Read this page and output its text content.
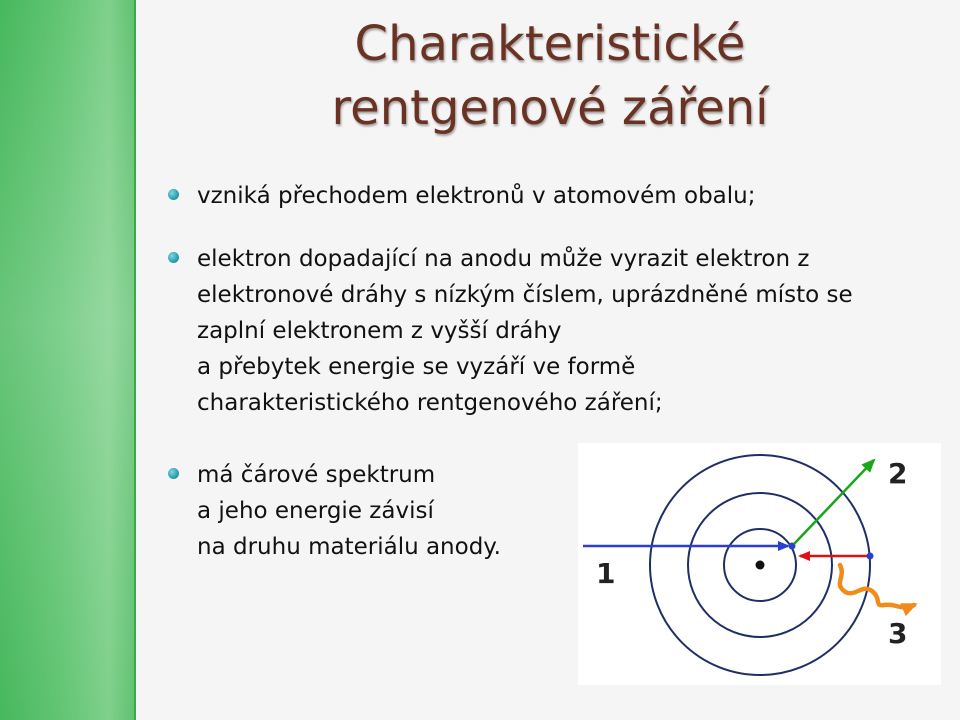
Charakteristické
rentgenové záření
vzniká přechodem elektronů v atomovém obalu;
elektron dopadající na anodu může vyrazit elektron z
elektronové dráhy s nízkým číslem, uprázdněné místo se
zaplní elektronem z vyšší dráhy
a přebytek energie se vyzáří ve formě
charakteristického rentgenového záření;
má čárové spektrum
a jeho energie závisí
na druhu materiálu anody.
1
2
3
